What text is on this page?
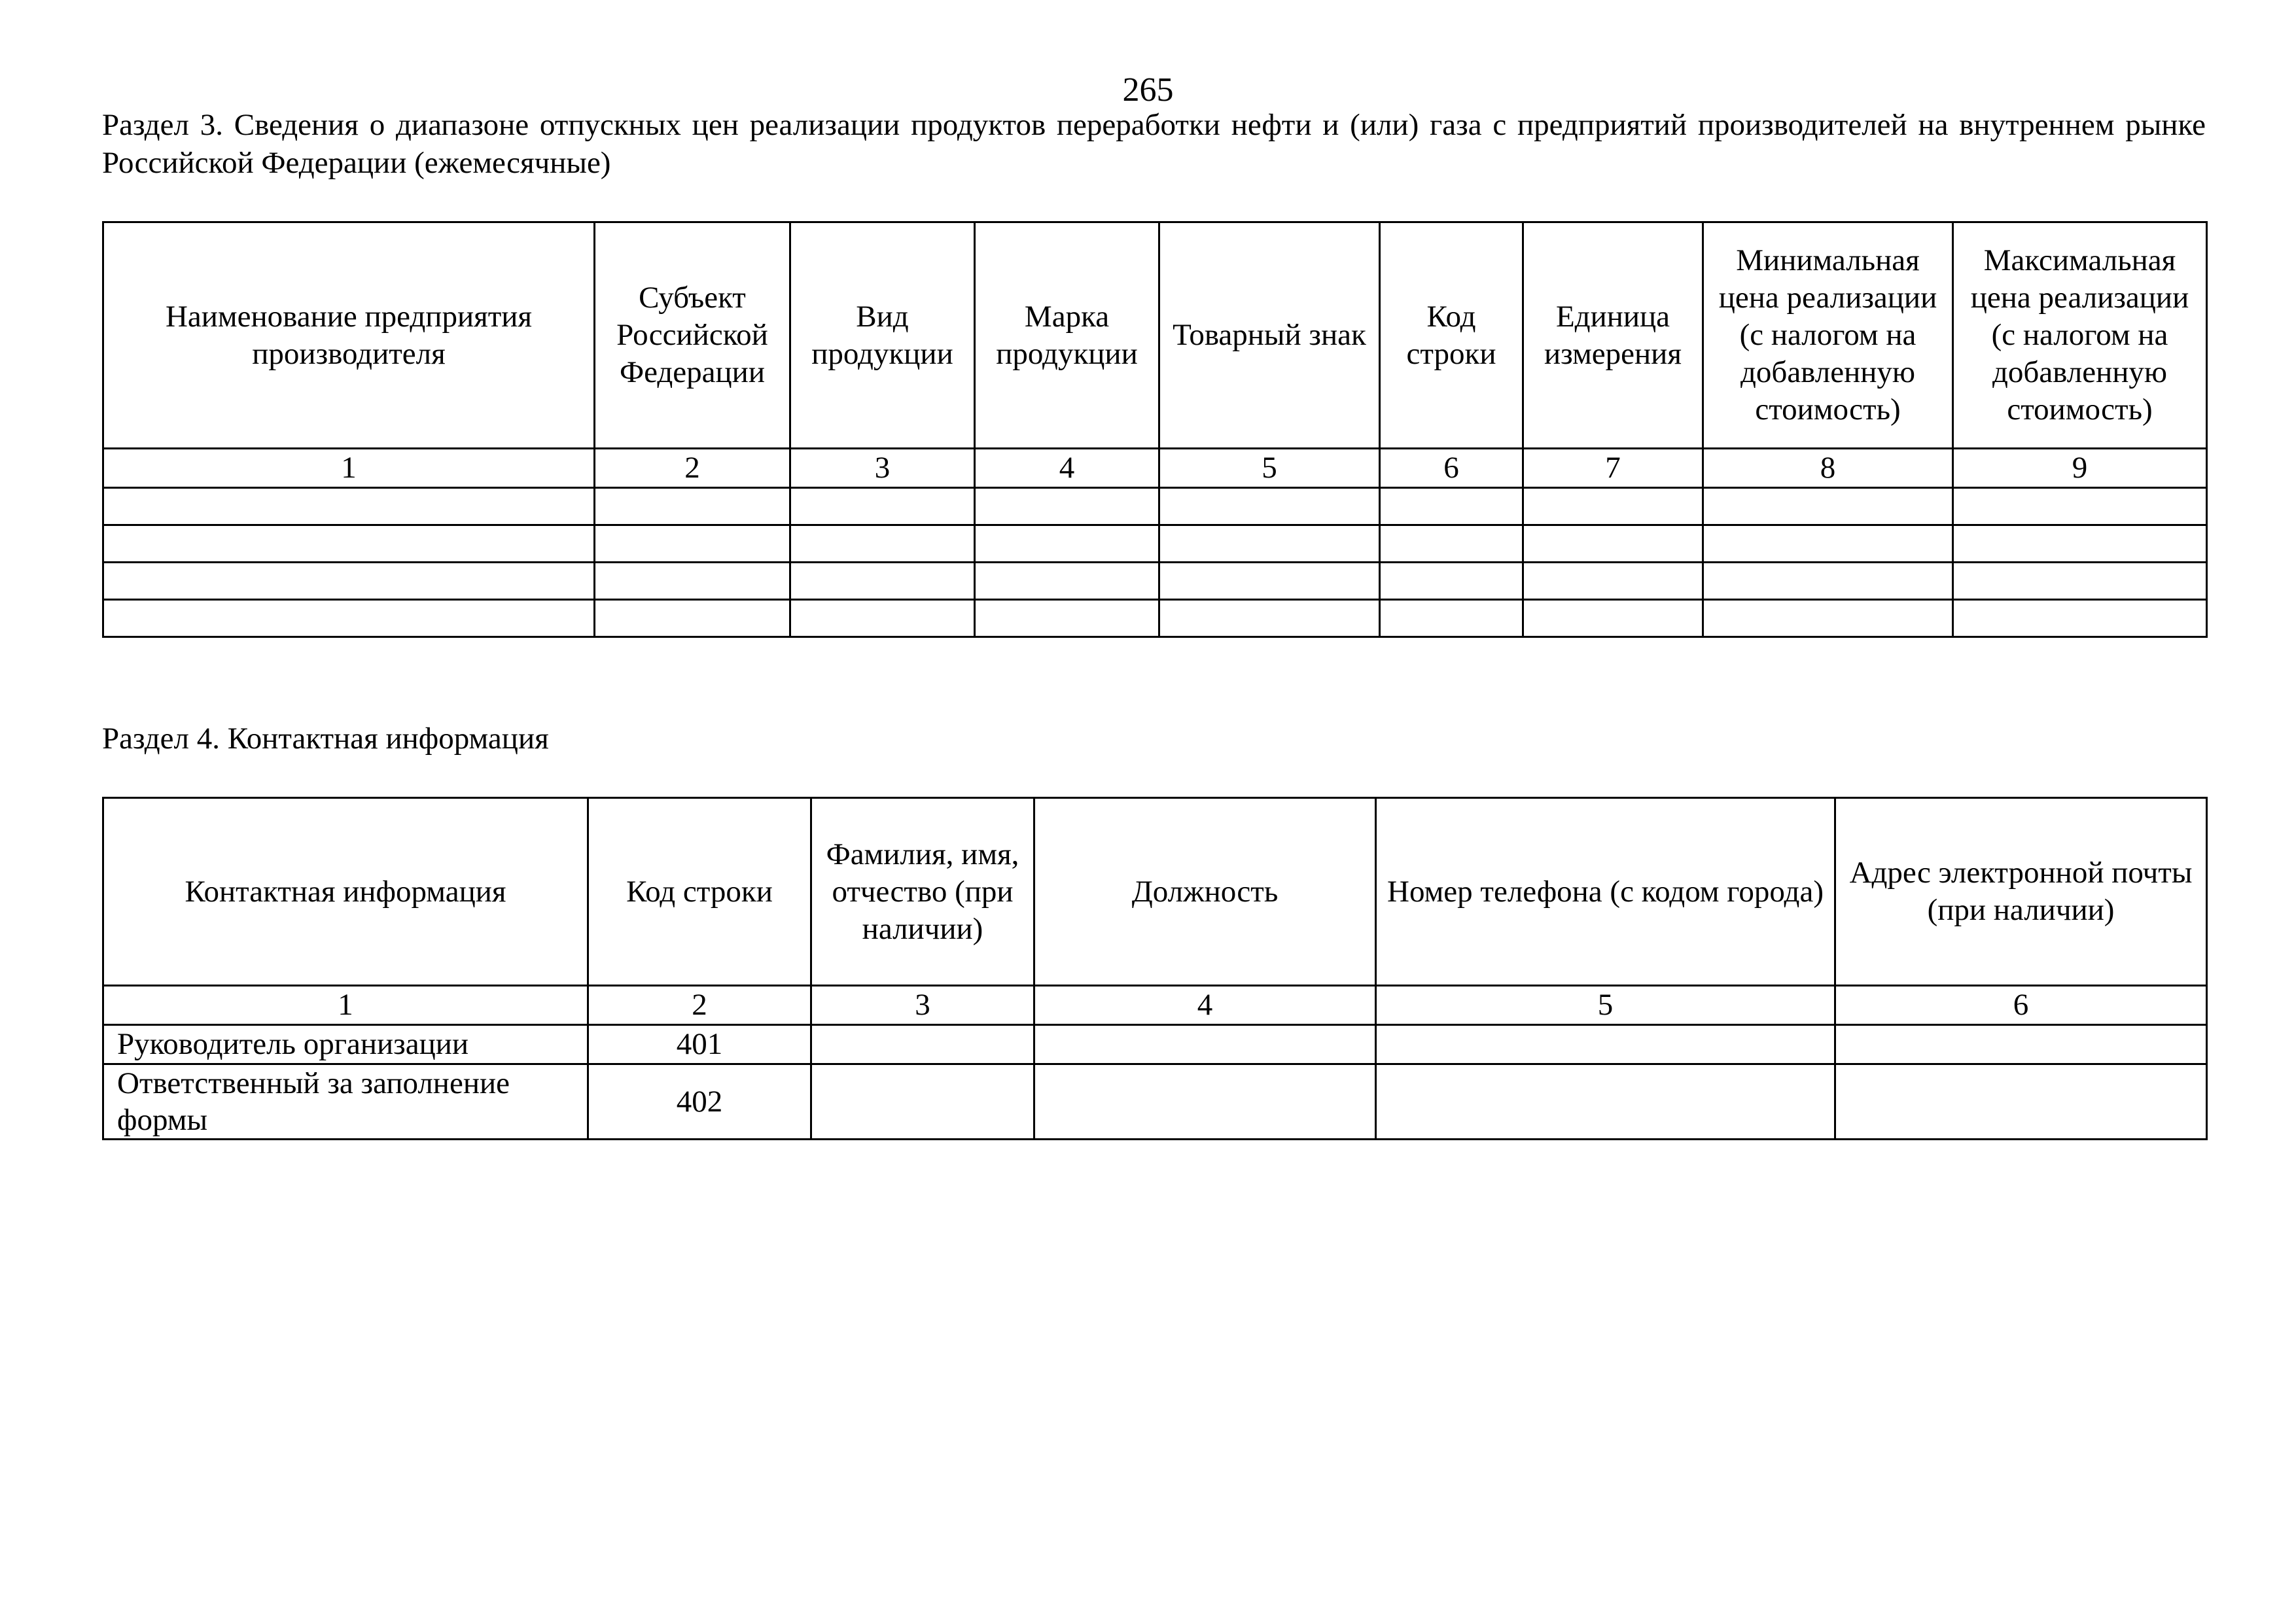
265
Раздел 3. Сведения о диапазоне отпускных цен реализации продуктов переработки нефти и (или) газа с предприятий производителей на внутреннем рынке Российской Федерации (ежемесячные)
Наименование предприятия производителя	Субъект Российской Федерации	Вид продукции	Марка продукции	Товарный знак	Код строки	Единица измерения	Минимальная цена реализации (с налогом на добавленную стоимость)	Максимальная цена реализации (с налогом на добавленную стоимость)
1	2	3	4	5	6	7	8	9

Раздел 4. Контактная информация
Контактная информация	Код строки	Фамилия, имя, отчество (при наличии)	Должность	Номер телефона (с кодом города)	Адрес электронной почты (при наличии)
1	2	3	4	5	6
Руководитель организации	401				
Ответственный за заполнение формы	402				
